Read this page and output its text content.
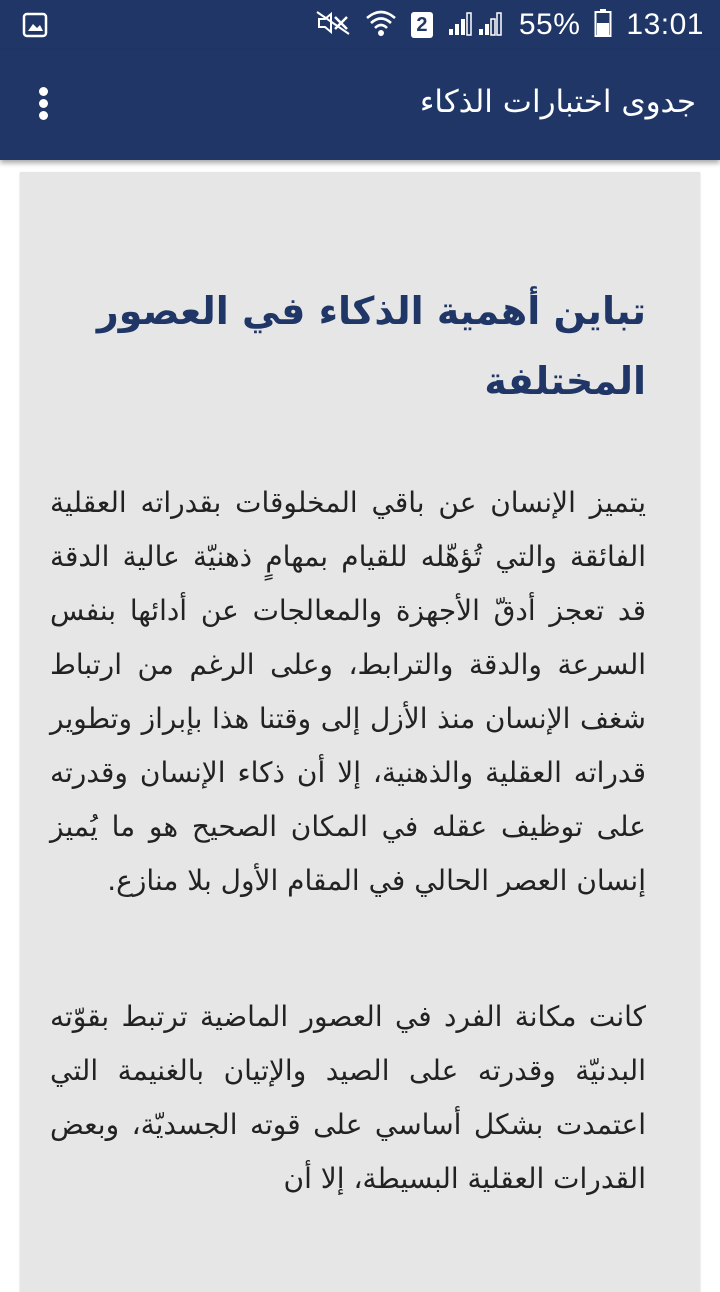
2	55% 13:01
جدوى اختبارات الذكاء
تباين أهمية الذكاء في العصور المختلفة

يتميز الإنسان عن باقي المخلوقات بقدراته العقلية الفائقة والتي تُؤهّله للقيام بمهامٍ ذهنيّة عالية الدقة قد تعجز أدقّ الأجهزة والمعالجات عن أدائها بنفس السرعة والدقة والترابط، وعلى الرغم من ارتباط شغف الإنسان منذ الأزل إلى وقتنا هذا بإبراز وتطوير قدراته العقلية والذهنية، إلا أن ذكاء الإنسان وقدرته على توظيف عقله في المكان الصحيح هو ما يُميز إنسان العصر الحالي في المقام الأول بلا منازع.

كانت مكانة الفرد في العصور الماضية ترتبط بقوّته البدنيّة وقدرته على الصيد والإتيان بالغنيمة التي اعتمدت بشكل أساسي على قوته الجسديّة، وبعض القدرات العقلية البسيطة، إلا أن
